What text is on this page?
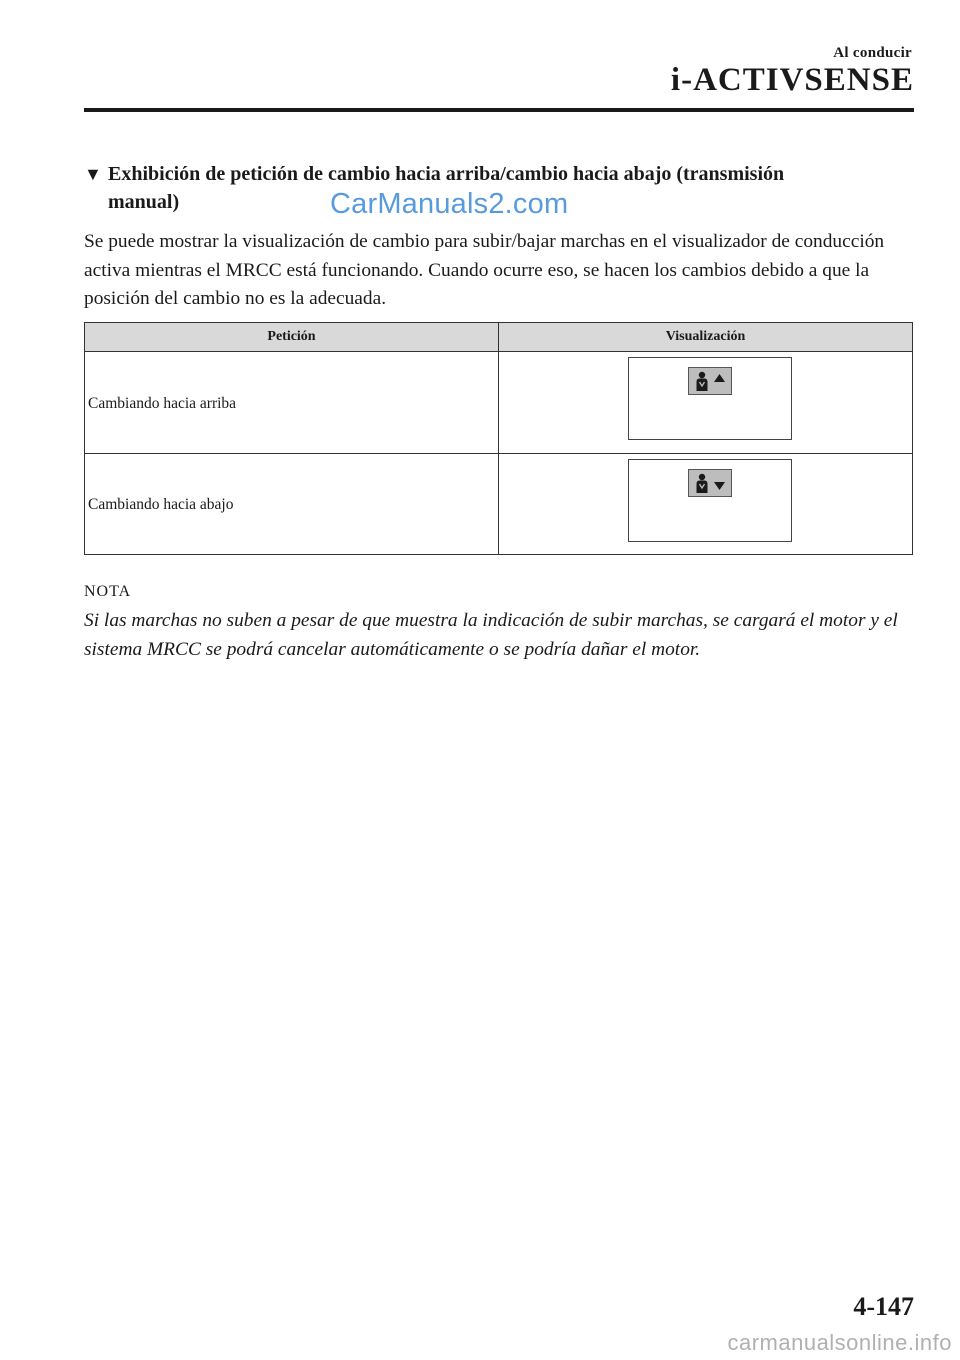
Al conducir
i-ACTIVSENSE
▼ Exhibición de petición de cambio hacia arriba/cambio hacia abajo (transmisión
manual)	CarManuals2.com
Se puede mostrar la visualización de cambio para subir/bajar marchas en el visualizador de conducción activa mientras el MRCC está funcionando. Cuando ocurre eso, se hacen los cambios debido a que la posición del cambio no es la adecuada.
Petición	Visualización
Cambiando hacia arriba
Cambiando hacia abajo
NOTA
Si las marchas no suben a pesar de que muestra la indicación de subir marchas, se cargará el motor y el sistema MRCC se podrá cancelar automáticamente o se podría dañar el motor.
4-147
carmanualsonline.info
